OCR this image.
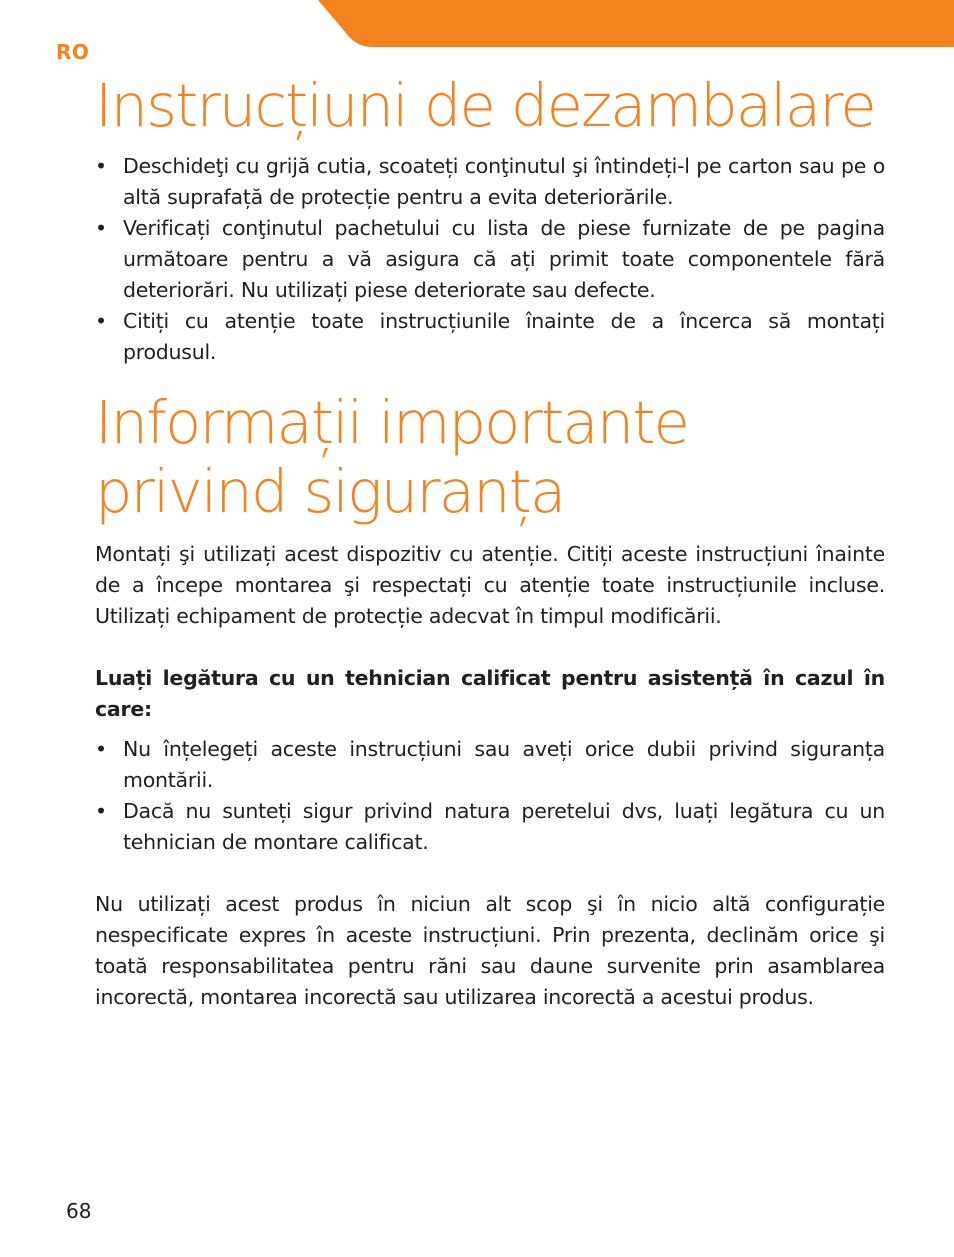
RO
Instrucțiuni de dezambalare
• Deschideţi cu grijă cutia, scoateți conţinutul şi întindeți-l pe carton sau pe o altă suprafață de protecție pentru a evita deteriorările.
• Verificați conţinutul pachetului cu lista de piese furnizate de pe pagina următoare pentru a vă asigura că ați primit toate componentele fără deteriorări. Nu utilizați piese deteriorate sau defecte.
• Citiți cu atenție toate instrucțiunile înainte de a încerca să montați produsul.
Informații importante
privind siguranța

Montați şi utilizați acest dispozitiv cu atenție. Citiți aceste instrucțiuni înainte de a începe montarea şi respectați cu atenție toate instrucțiunile incluse. Utilizați echipament de protecție adecvat în timpul modificării.

Luați legătura cu un tehnician calificat pentru asistență în cazul în care:

• Nu înțelegeți aceste instrucțiuni sau aveți orice dubii privind siguranța montării.
• Dacă nu sunteți sigur privind natura peretelui dvs, luați legătura cu un tehnician de montare calificat.

Nu utilizați acest produs în niciun alt scop şi în nicio altă configurație nespecificate expres în aceste instrucțiuni. Prin prezenta, declinăm orice şi toată responsabilitatea pentru răni sau daune survenite prin asamblarea incorectă, montarea incorectă sau utilizarea incorectă a acestui produs.

68
